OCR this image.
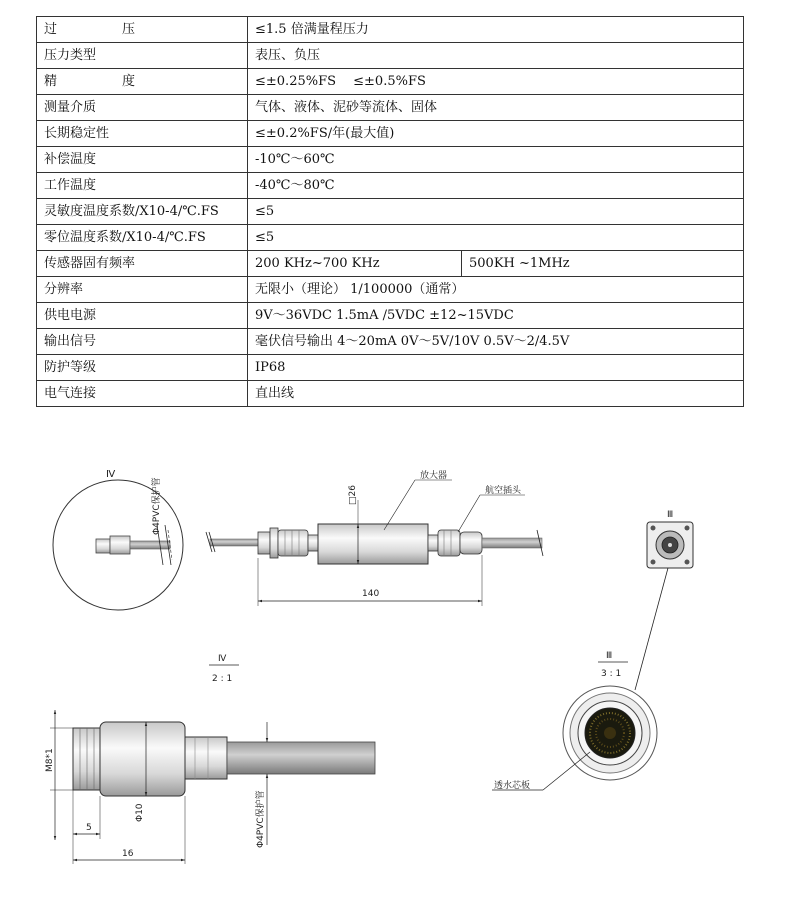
过　　　　　压	≤1.5 倍满量程压力	
压力类型	表压、负压	
精　　　　　度	≤±0.25%FS　 ≤±0.5%FS	
测量介质	气体、液体、泥砂等流体、固体	
长期稳定性	≤±0.2%FS/年(最大值)	
补偿温度	-10℃～60℃	
工作温度	-40℃～80℃	
灵敏度温度系数/X10-4/℃.FS	≤5	
零位温度系数/X10-4/℃.FS	≤5	
传感器固有频率	200 KHz~700 KHz	500KH ~1MHz
分辨率	无限小（理论） 1/100000（通常）	
供电电源	9V～36VDC 1.5mA /5VDC ±12~15VDC	
输出信号	毫伏信号输出 4～20mA 0V～5V/10V 0.5V～2/4.5V	
防护等级	IP68	
电气连接	直出线	
Ⅳ
Φ4PVC保护管	□26
放大器
航空插头
140
Ⅲ
Ⅲ
3 : 1
透水芯板
Ⅳ
2 : 1
M8*1
Φ10	Φ4PVC保护管
5
16
